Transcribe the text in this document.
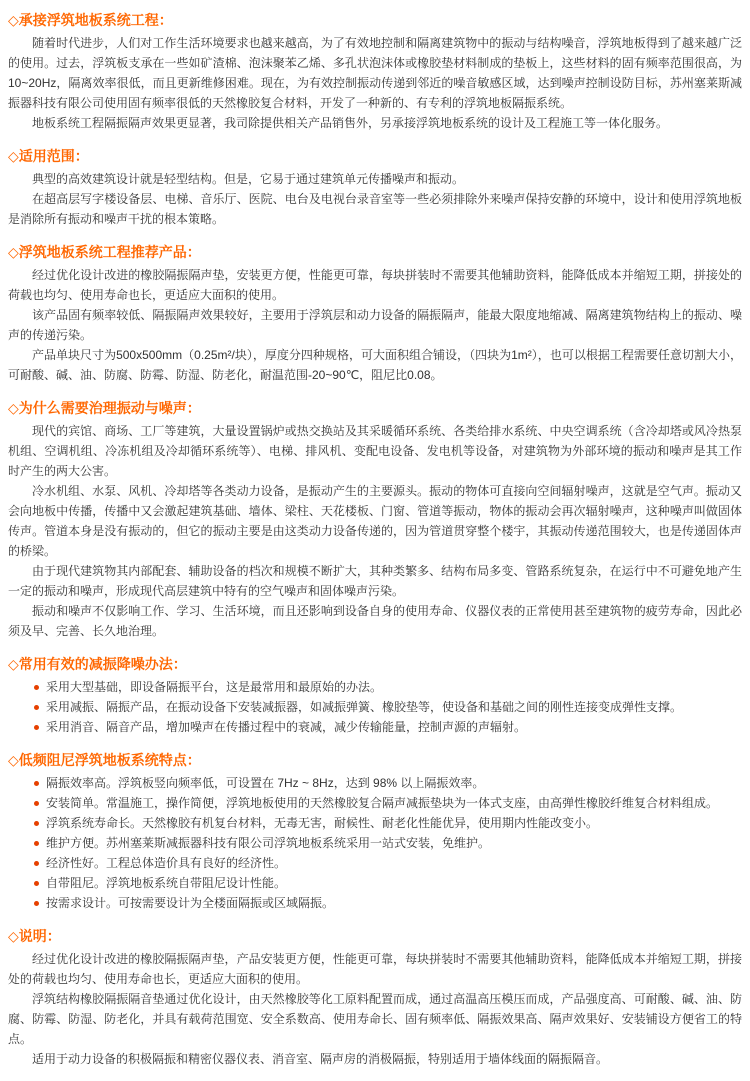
◇承接浮筑地板系统工程：

随着时代进步，人们对工作生活环境要求也越来越高，为了有效地控制和隔离建筑物中的振动与结构噪音，浮筑地板得到了越来越广泛的使用。过去，浮筑板支承在一些如矿渣棉、泡沫聚苯乙烯、多孔状泡沫体或橡胶垫材料制成的垫板上，这些材料的固有频率范围很高，为 10~20Hz，隔离效率很低，而且更新维修困难。现在，为有效控制振动传递到邻近的噪音敏感区域，达到噪声控制设防目标，苏州塞莱斯减振器科技有限公司使用固有频率很低的天然橡胶复合材料，开发了一种新的、有专利的浮筑地板隔振系统。

地板系统工程隔振隔声效果更显著，我司除提供相关产品销售外，另承接浮筑地板系统的设计及工程施工等一体化服务。

◇适用范围：

典型的高效建筑设计就是轻型结构。但是，它易于通过建筑单元传播噪声和振动。

在超高层写字楼设备层、电梯、音乐厅、医院、电台及电视台录音室等一些必须排除外来噪声保持安静的环境中，设计和使用浮筑地板是消除所有振动和噪声干扰的根本策略。

◇浮筑地板系统工程推荐产品：

经过优化设计改进的橡胶隔振隔声垫，安装更方便，性能更可靠，每块拼装时不需要其他辅助资料，能降低成本并缩短工期，拼接处的荷载也均匀、使用寿命也长，更适应大面积的使用。

该产品固有频率较低、隔振隔声效果较好，主要用于浮筑层和动力设备的隔振隔声，能最大限度地缩减、隔离建筑物结构上的振动、噪声的传递污染。

产品单块尺寸为500x500mm（0.25m²/块），厚度分四种规格，可大面积组合铺设，（四块为1m²），也可以根据工程需要任意切割大小，可耐酸、碱、油、防腐、防霉、防湿、防老化，耐温范围-20~90℃，阻尼比0.08。

◇为什么需要治理振动与噪声：

现代的宾馆、商场、工厂等建筑，大量设置锅炉或热交换站及其采暖循环系统、各类给排水系统、中央空调系统（含冷却塔或风冷热泵机组、空调机组、冷冻机组及冷却循环系统等）、电梯、排风机、变配电设备、发电机等设备，对建筑物为外部环境的振动和噪声是其工作时产生的两大公害。

冷水机组、水泵、风机、冷却塔等各类动力设备，是振动产生的主要源头。振动的物体可直接向空间辐射噪声，这就是空气声。振动又会向地板中传播，传播中又会激起建筑基础、墙体、梁柱、天花楼板、门窗、管道等振动，物体的振动会再次辐射噪声，这种噪声叫做固体传声。管道本身是没有振动的，但它的振动主要是由这类动力设备传递的，因为管道贯穿整个楼宇，其振动传递范围较大，也是传递固体声的桥梁。

由于现代建筑物其内部配套、辅助设备的档次和规模不断扩大，其种类繁多、结构布局多变、管路系统复杂，在运行中不可避免地产生一定的振动和噪声，形成现代高层建筑中特有的空气噪声和固体噪声污染。

振动和噪声不仅影响工作、学习、生活环境，而且还影响到设备自身的使用寿命、仪器仪表的正常使用甚至建筑物的疲劳寿命，因此必须及早、完善、长久地治理。

◇常用有效的减振降噪办法：
采用大型基础，即设备隔振平台，这是最常用和最原始的办法。
采用减振、隔振产品，在振动设备下安装减振器，如减振弹簧、橡胶垫等，使设备和基础之间的刚性连接变成弹性支撑。
采用消音、隔音产品，增加噪声在传播过程中的衰减，减少传输能量，控制声源的声辐射。
◇低频阻尼浮筑地板系统特点：
隔振效率高。浮筑板竖向频率低，可设置在 7Hz ~ 8Hz，达到 98% 以上隔振效率。
安装简单。常温施工，操作简便，浮筑地板使用的天然橡胶复合隔声减振垫块为一体式支座，由高弹性橡胶纤维复合材料组成。
浮筑系统寿命长。天然橡胶有机复台材料，无毒无害，耐候性、耐老化性能优异，使用期内性能改变小。
维护方便。苏州塞莱斯减振器科技有限公司浮筑地板系统采用一站式安装，免维护。
经济性好。工程总体造价具有良好的经济性。
自带阻尼。浮筑地板系统自带阻尼设计性能。
按需求设计。可按需要设计为全楼面隔振或区域隔振。
◇说明：

经过优化设计改进的橡胶隔振隔声垫，产品安装更方便，性能更可靠，每块拼装时不需要其他辅助资料，能降低成本并缩短工期，拼接处的荷载也均匀、使用寿命也长，更适应大面积的使用。

浮筑结构橡胶隔振隔音垫通过优化设计，由天然橡胶等化工原料配置而成，通过高温高压模压而成，产品强度高、可耐酸、碱、油、防腐、防霉、防湿、防老化，并具有载荷范围宽、安全系数高、使用寿命长、固有频率低、隔振效果高、隔声效果好、安装铺设方便省工的特点。

适用于动力设备的积极隔振和精密仪器仪表、消音室、隔声房的消极隔振，特别适用于墙体线面的隔振隔音。
